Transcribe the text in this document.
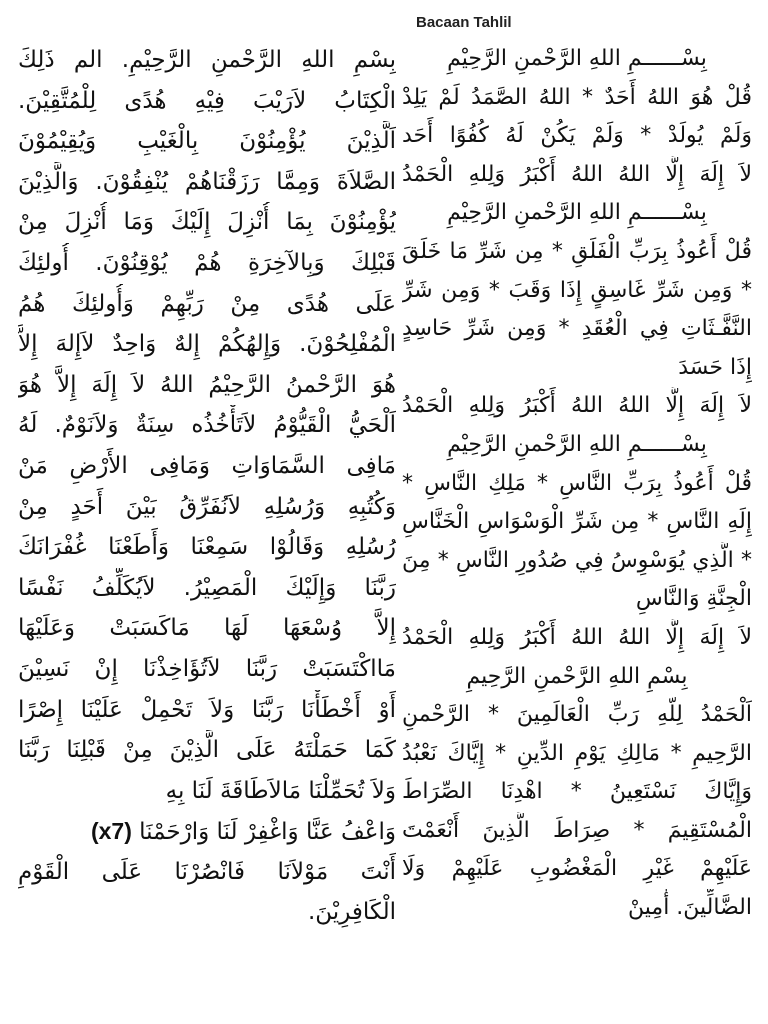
Bacaan Tahlil
بِسْمِ اللهِ الرَّحْمنِ الرَّحِيْمِ. الم ذَلِكَ
الْكِتَابُ لاَرَيْبَ فِيْهِ هُدًى لِلْمُتَّقِيْنَ.
اَلَّذِيْنَ يُؤْمِنُوْنَ بِالْغَيْبِ وَيُقِيْمُوْنَ
الصَّلاَةَ وَمِمَّا رَزَقْنَاهُمْ يُنْفِقُوْنَ. وَالَّذِيْنَ
يُؤْمِنُوْنَ بِمَا أُنْزِلَ إِلَيْكَ وَمَا أُنْزِلَ مِنْ
قَبْلِكَ وَبِالآخِرَةِ هُمْ يُوْقِنُوْنَ. أُولئِكَ
عَلَى هُدًى مِنْ رَبِّهِمْ وَأُولئِكَ هُمُ
الْمُفْلِحُوْنَ. وَإِلهُكُمْ إِلهٌ وَاحِدٌ لاَإِلهَ إِلاَّ
هُوَ الرَّحْمنُ الرَّحِيْمُ اللهُ لاَ إِلَهَ إِلاَّ هُوَ
اَلْحَيُّ الْقَيُّوْمُ لاَتَأْخُذُه سِنَةٌ وَلاَنَوْمٌ. لَهُ
مَافِى السَّمَاوَاتِ وَمَافِى الأَرْضِ مَنْ
وَكُتُبِهِ وَرُسُلِهِ لاَنُفَرِّقُ بَيْنَ أَحَدٍ مِنْ
رُسُلِهِ وَقَالُوْا سَمِعْنَا وَأَطَعْنَا غُفْرَانَكَ
رَبَّنَا وَإِلَيْكَ الْمَصِيْرُ. لاَيُكَلِّفُ نَفْسًا
إِلاَّ وُسْعَهَا لَهَا مَاكَسَبَتْ وَعَلَيْهَا
مَااكْتَسَبَتْ رَبَّنَا لاَتُؤَاخِذْنَا إِنْ نَسِيْنَ
أَوْ أَخْطَأْنَا رَبَّنَا وَلاَ تَحْمِلْ عَلَيْنَا إِصْرًا
كَمَا حَمَلْتَهُ عَلَى الَّذِيْنَ مِنْ قَبْلِنَا رَبَّنَا
وَلاَ تُحَمِّلْنَا مَالاَطَاقَةَ لَنَا بِهِ
وَاعْفُ عَنَّا وَاغْفِرْ لَنَا وَارْحَمْنَا (x7)
أَنْتَ مَوْلاَنَا فَانْصُرْنَا عَلَى الْقَوْمِ
الْكَافِرِيْنَ.
بِسْــــــمِ اللهِ الرَّحْمنِ الرَّحِيْمِ
قُلْ هُوَ اللهُ أَحَدٌ * اللهُ الصَّمَدُ لَمْ يَلِدْ
وَلَمْ يُولَدْ * وَلَمْ يَكُنْ لَهُ كُفُوًا أَحَد
لاَ إِلَهَ إِلَّا اللهُ اللهُ أَكْبَرُ وَلِلهِ الْحَمْدُ
بِسْــــــمِ اللهِ الرَّحْمنِ الرَّحِيْمِ
قُلْ أَعُوذُ بِرَبِّ الْفَلَقِ * مِن شَرِّ مَا خَلَقَ
* وَمِن شَرِّ غَاسِقٍ إِذَا وَقَبَ * وَمِن شَرِّ
النَّفَّـثَاتِ فِي الْعُقَدِ * وَمِن شَرِّ حَاسِدٍ
إِذَا حَسَدَ
لاَ إِلَهَ إِلَّا اللهُ اللهُ أَكْبَرُ وَلِلهِ الْحَمْدُ
بِسْــــــمِ اللهِ الرَّحْمنِ الرَّحِيْمِ
قُلْ أَعُوذُ بِرَبِّ النَّاسِ * مَلِكِ النَّاسِ *
إِلَهِ النَّاسِ * مِن شَرِّ الْوَسْوَاسِ الْخَنَّاسِ
* الَّذِي يُوَسْوِسُ فِي صُدُورِ النَّاسِ * مِنَ
الْجِنَّةِ وَالنَّاسِ
لاَ إِلَهَ إِلَّا اللهُ اللهُ أَكْبَرُ وَلِلهِ الْحَمْدُ
بِسْمِ اللهِ الرَّحْمنِ الرَّحِيمِ
اَلْحَمْدُ لِلّهِ رَبِّ الْعَالَمِينَ * الرَّحْمنِ
الرَّحِيمِ * مَالِكِ يَوْمِ الدِّينِ * إِيَّاكَ نَعْبُدُ
وَإِيَّاكَ نَسْتَعِينُ * اهْدِنَا الصِّرَاطَ
الْمُسْتَقِيمَ * صِرَاطَ الَّذِينَ أَنْعَمْتَ
عَلَيْهِمْ غَيْرِ الْمَغْضُوبِ عَلَيْهِمْ وَلَا
الضَّالِّينَ. أٰمِينْ
